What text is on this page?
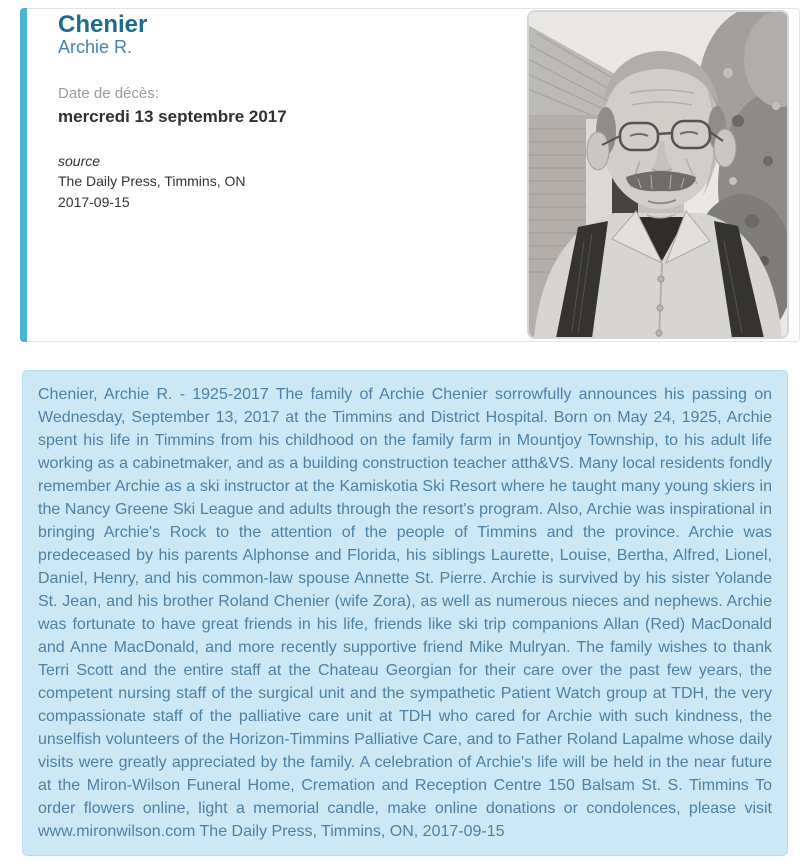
Chenier
Archie R.
Date de décès:
mercredi 13 septembre 2017
source
The Daily Press, Timmins, ON
2017-09-15

Chenier, Archie R. - 1925-2017 The family of Archie Chenier sorrowfully announces his passing on Wednesday, September 13, 2017 at the Timmins and District Hospital. Born on May 24, 1925, Archie spent his life in Timmins from his childhood on the family farm in Mountjoy Township, to his adult life working as a cabinetmaker, and as a building construction teacher atth&VS. Many local residents fondly remember Archie as a ski instructor at the Kamiskotia Ski Resort where he taught many young skiers in the Nancy Greene Ski League and adults through the resort's program. Also, Archie was inspirational in bringing Archie's Rock to the attention of the people of Timmins and the province. Archie was predeceased by his parents Alphonse and Florida, his siblings Laurette, Louise, Bertha, Alfred, Lionel, Daniel, Henry, and his common-law spouse Annette St. Pierre. Archie is survived by his sister Yolande St. Jean, and his brother Roland Chenier (wife Zora), as well as numerous nieces and nephews. Archie was fortunate to have great friends in his life, friends like ski trip companions Allan (Red) MacDonald and Anne MacDonald, and more recently supportive friend Mike Mulryan. The family wishes to thank Terri Scott and the entire staff at the Chateau Georgian for their care over the past few years, the competent nursing staff of the surgical unit and the sympathetic Patient Watch group at TDH, the very compassionate staff of the palliative care unit at TDH who cared for Archie with such kindness, the unselfish volunteers of the Horizon-Timmins Palliative Care, and to Father Roland Lapalme whose daily visits were greatly appreciated by the family. A celebration of Archie's life will be held in the near future at the Miron-Wilson Funeral Home, Cremation and Reception Centre 150 Balsam St. S. Timmins To order flowers online, light a memorial candle, make online donations or condolences, please visit www.mironwilson.com The Daily Press, Timmins, ON, 2017-09-15
